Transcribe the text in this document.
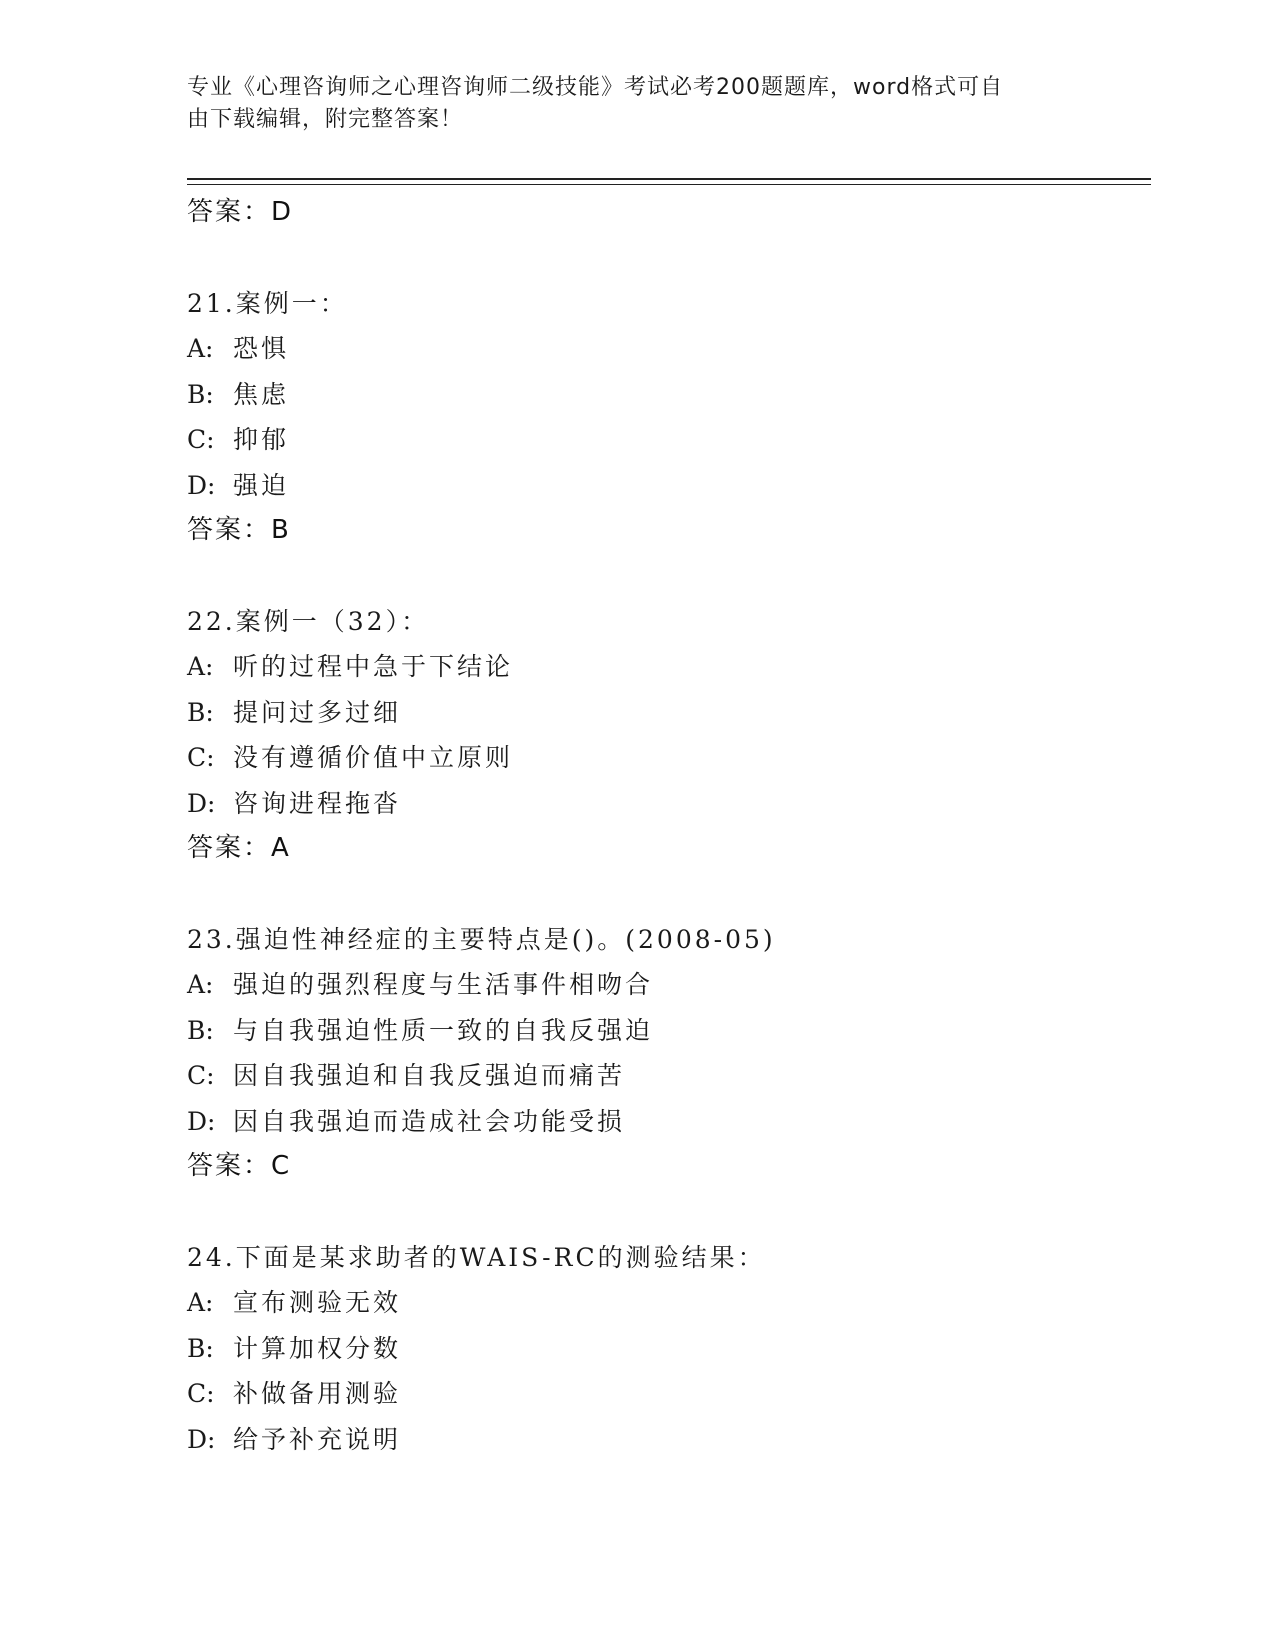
专业《心理咨询师之心理咨询师二级技能》考试必考200题题库，word格式可自
由下载编辑，附完整答案！
答案：D
21.案例一：
A: 恐惧
B: 焦虑
C: 抑郁
D: 强迫
答案：B
22.案例一（32）：
A: 听的过程中急于下结论
B: 提问过多过细
C: 没有遵循价值中立原则
D: 咨询进程拖沓
答案：A
23.强迫性神经症的主要特点是()。(2008-05)
A: 强迫的强烈程度与生活事件相吻合
B: 与自我强迫性质一致的自我反强迫
C: 因自我强迫和自我反强迫而痛苦
D: 因自我强迫而造成社会功能受损
答案：C
24.下面是某求助者的WAIS-RC的测验结果：
A: 宣布测验无效
B: 计算加权分数
C: 补做备用测验
D: 给予补充说明
